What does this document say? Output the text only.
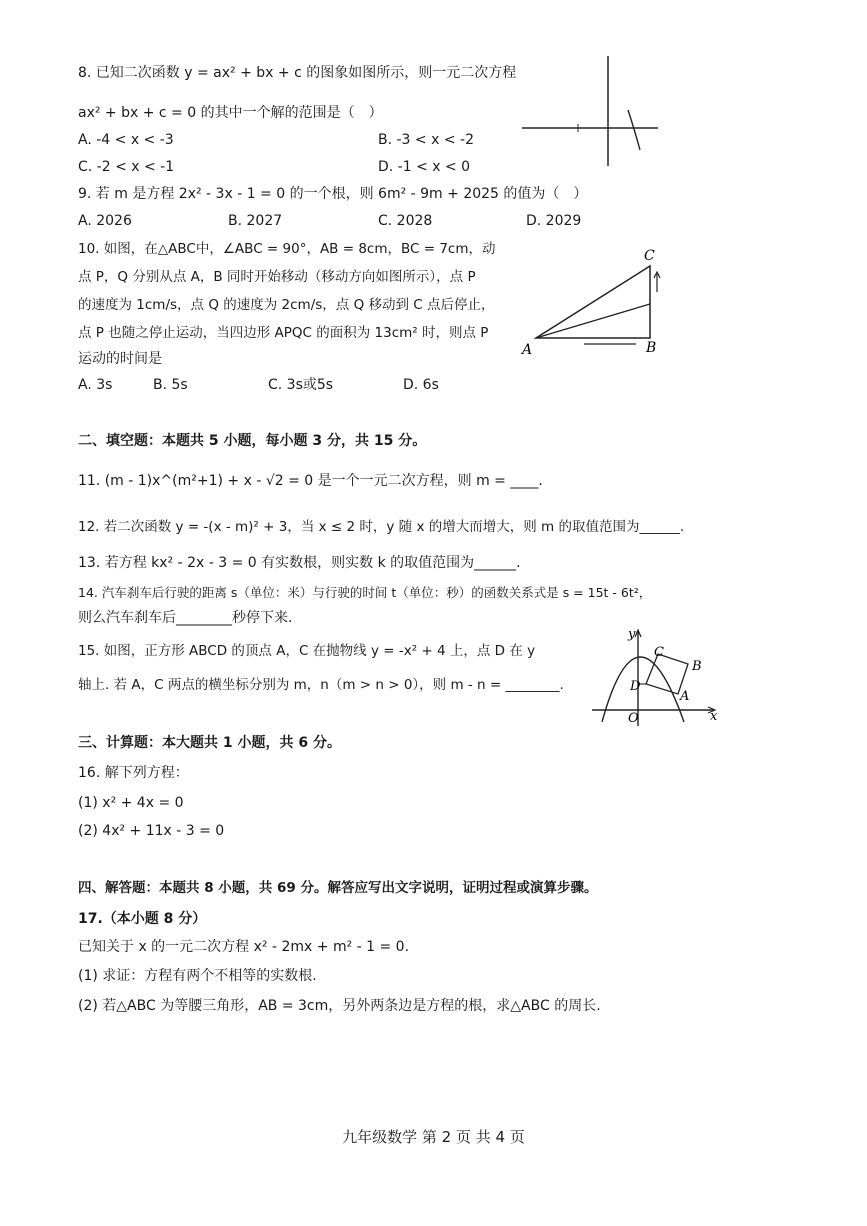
8. 已知二次函数 y = ax² + bx + c 的图象如图所示，则一元二次方程
ax² + bx + c = 0 的其中一个解的范围是（　）
A. -4 < x < -3	B. -3 < x < -2
C. -2 < x < -1	D. -1 < x < 0
9. 若 m 是方程 2x² - 3x - 1 = 0 的一个根，则 6m² - 9m + 2025 的值为（　）
A. 2026	B. 2027	C. 2028	D. 2029
10. 如图，在△ABC中，∠ABC = 90°，AB = 8cm，BC = 7cm，动
点 P，Q 分别从点 A，B 同时开始移动（移动方向如图所示），点 P
的速度为 1cm/s，点 Q 的速度为 2cm/s，点 Q 移动到 C 点后停止，
点 P 也随之停止运动，当四边形 APQC 的面积为 13cm² 时，则点 P
运动的时间是
A. 3s	B. 5s	C. 3s或5s	D. 6s
A	B
C
二、填空题：本题共 5 小题，每小题 3 分，共 15 分。
11. (m - 1)x^(m²+1) + x - √2 = 0 是一个一元二次方程，则 m = ____.
12. 若二次函数 y = -(x - m)² + 3，当 x ≤ 2 时，y 随 x 的增大而增大，则 m 的取值范围为______.
13. 若方程 kx² - 2x - 3 = 0 有实数根，则实数 k 的取值范围为______.
14. 汽车刹车后行驶的距离 s（单位：米）与行驶的时间 t（单位：秒）的函数关系式是 s = 15t - 6t²，
则么汽车刹车后________秒停下来.
15. 如图，正方形 ABCD 的顶点 A，C 在抛物线 y = -x² + 4 上，点 D 在 y
轴上. 若 A，C 两点的横坐标分别为 m，n（m > n > 0），则 m - n = ________.
y
x
O
C
B
A
D
三、计算题：本大题共 1 小题，共 6 分。
16. 解下列方程：
(1) x² + 4x = 0
(2) 4x² + 11x - 3 = 0
四、解答题：本题共 8 小题，共 69 分。解答应写出文字说明，证明过程或演算步骤。
17.（本小题 8 分）
已知关于 x 的一元二次方程 x² - 2mx + m² - 1 = 0.
(1) 求证：方程有两个不相等的实数根.
(2) 若△ABC 为等腰三角形，AB = 3cm，另外两条边是方程的根，求△ABC 的周长.
九年级数学 第 2 页 共 4 页
